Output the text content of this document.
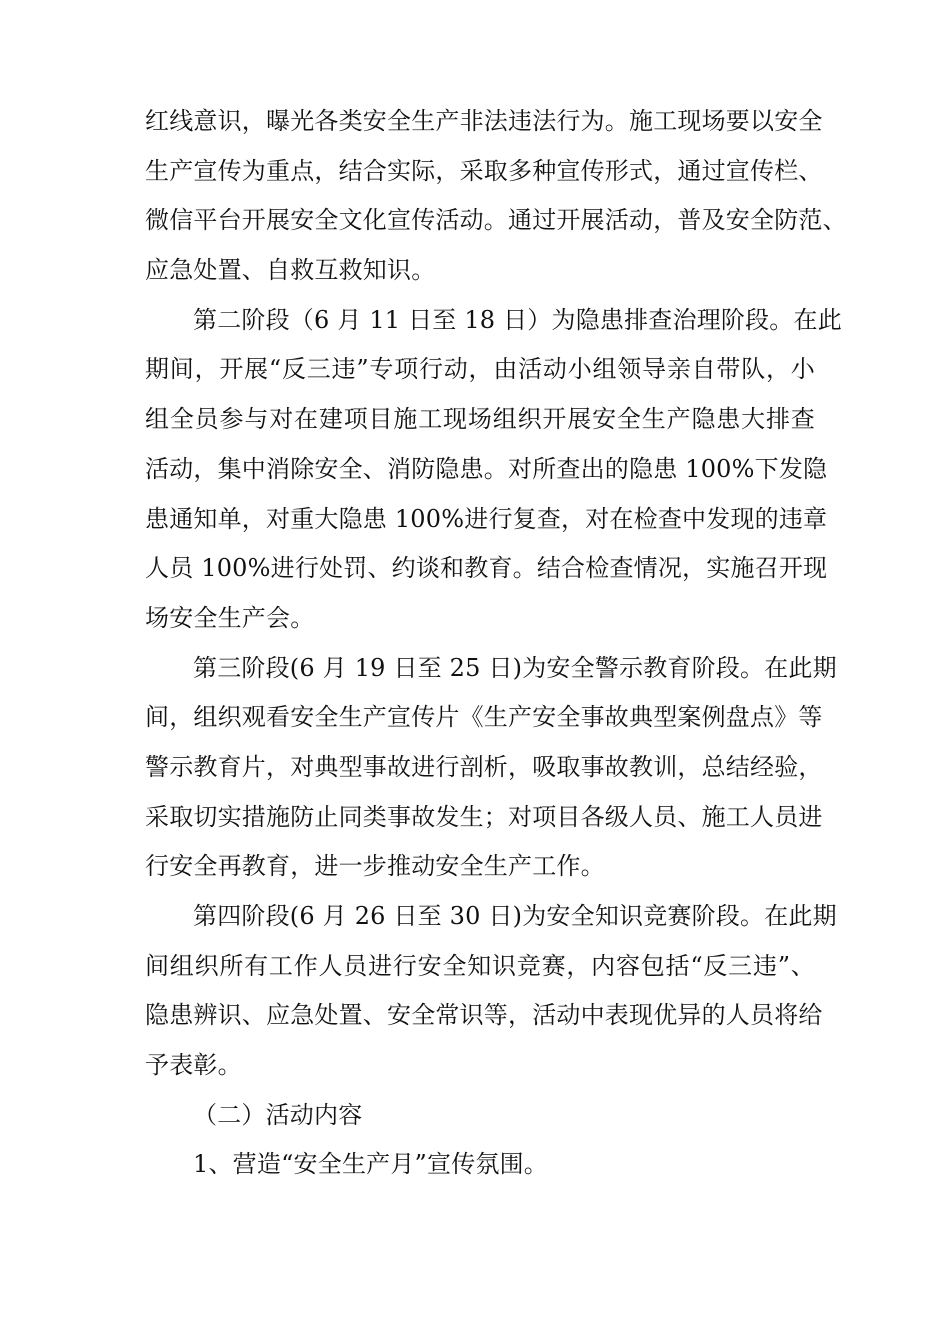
红线意识，曝光各类安全生产非法违法行为。施工现场要以安全
生产宣传为重点，结合实际，采取多种宣传形式，通过宣传栏、
微信平台开展安全文化宣传活动。通过开展活动，普及安全防范、
应急处置、自救互救知识。
第二阶段（6 月 11 日至 18 日）为隐患排查治理阶段。在此
期间，开展“反三违”专项行动，由活动小组领导亲自带队，小
组全员参与对在建项目施工现场组织开展安全生产隐患大排查
活动，集中消除安全、消防隐患。对所查出的隐患 100%下发隐
患通知单，对重大隐患 100%进行复查，对在检查中发现的违章
人员 100%进行处罚、约谈和教育。结合检查情况，实施召开现
场安全生产会。
第三阶段(6 月 19 日至 25 日)为安全警示教育阶段。在此期
间，组织观看安全生产宣传片《生产安全事故典型案例盘点》等
警示教育片，对典型事故进行剖析，吸取事故教训，总结经验，
采取切实措施防止同类事故发生；对项目各级人员、施工人员进
行安全再教育，进一步推动安全生产工作。
第四阶段(6 月 26 日至 30 日)为安全知识竞赛阶段。在此期
间组织所有工作人员进行安全知识竞赛，内容包括“反三违”、
隐患辨识、应急处置、安全常识等，活动中表现优异的人员将给
予表彰。
（二）活动内容
1、营造“安全生产月”宣传氛围。
